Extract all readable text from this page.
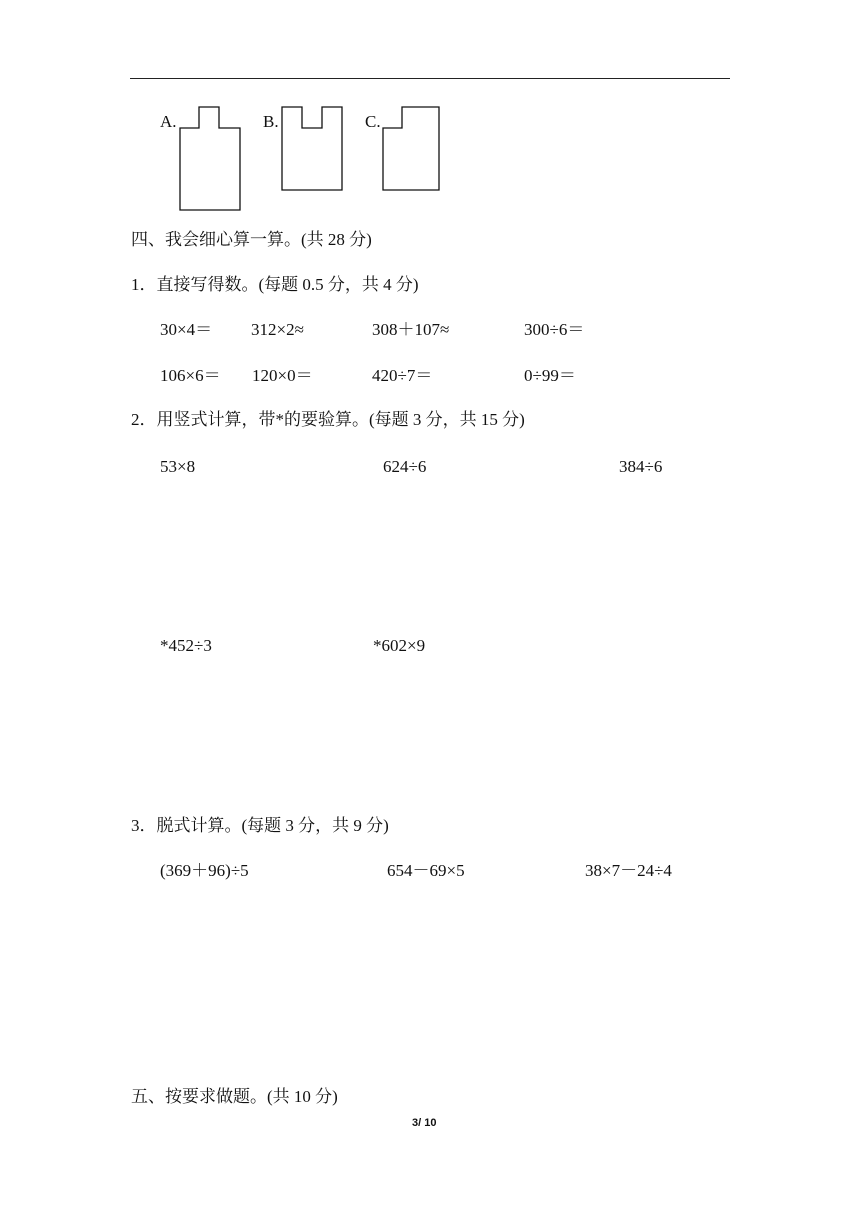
A.	B.	C.
四、我会细心算一算。(共 28 分)
1．直接写得数。(每题 0.5 分，共 4 分)
30×4＝ 312×2≈	308＋107≈	300÷6＝
106×6＝ 120×0＝	420÷7＝	0÷99＝
2．用竖式计算，带*的要验算。(每题 3 分，共 15 分)
53×8	624÷6	384÷6
*452÷3	*602×9
3．脱式计算。(每题 3 分，共 9 分)
(369＋96)÷5	654－69×5	38×7－24÷4
五、按要求做题。(共 10 分)
3/ 10
